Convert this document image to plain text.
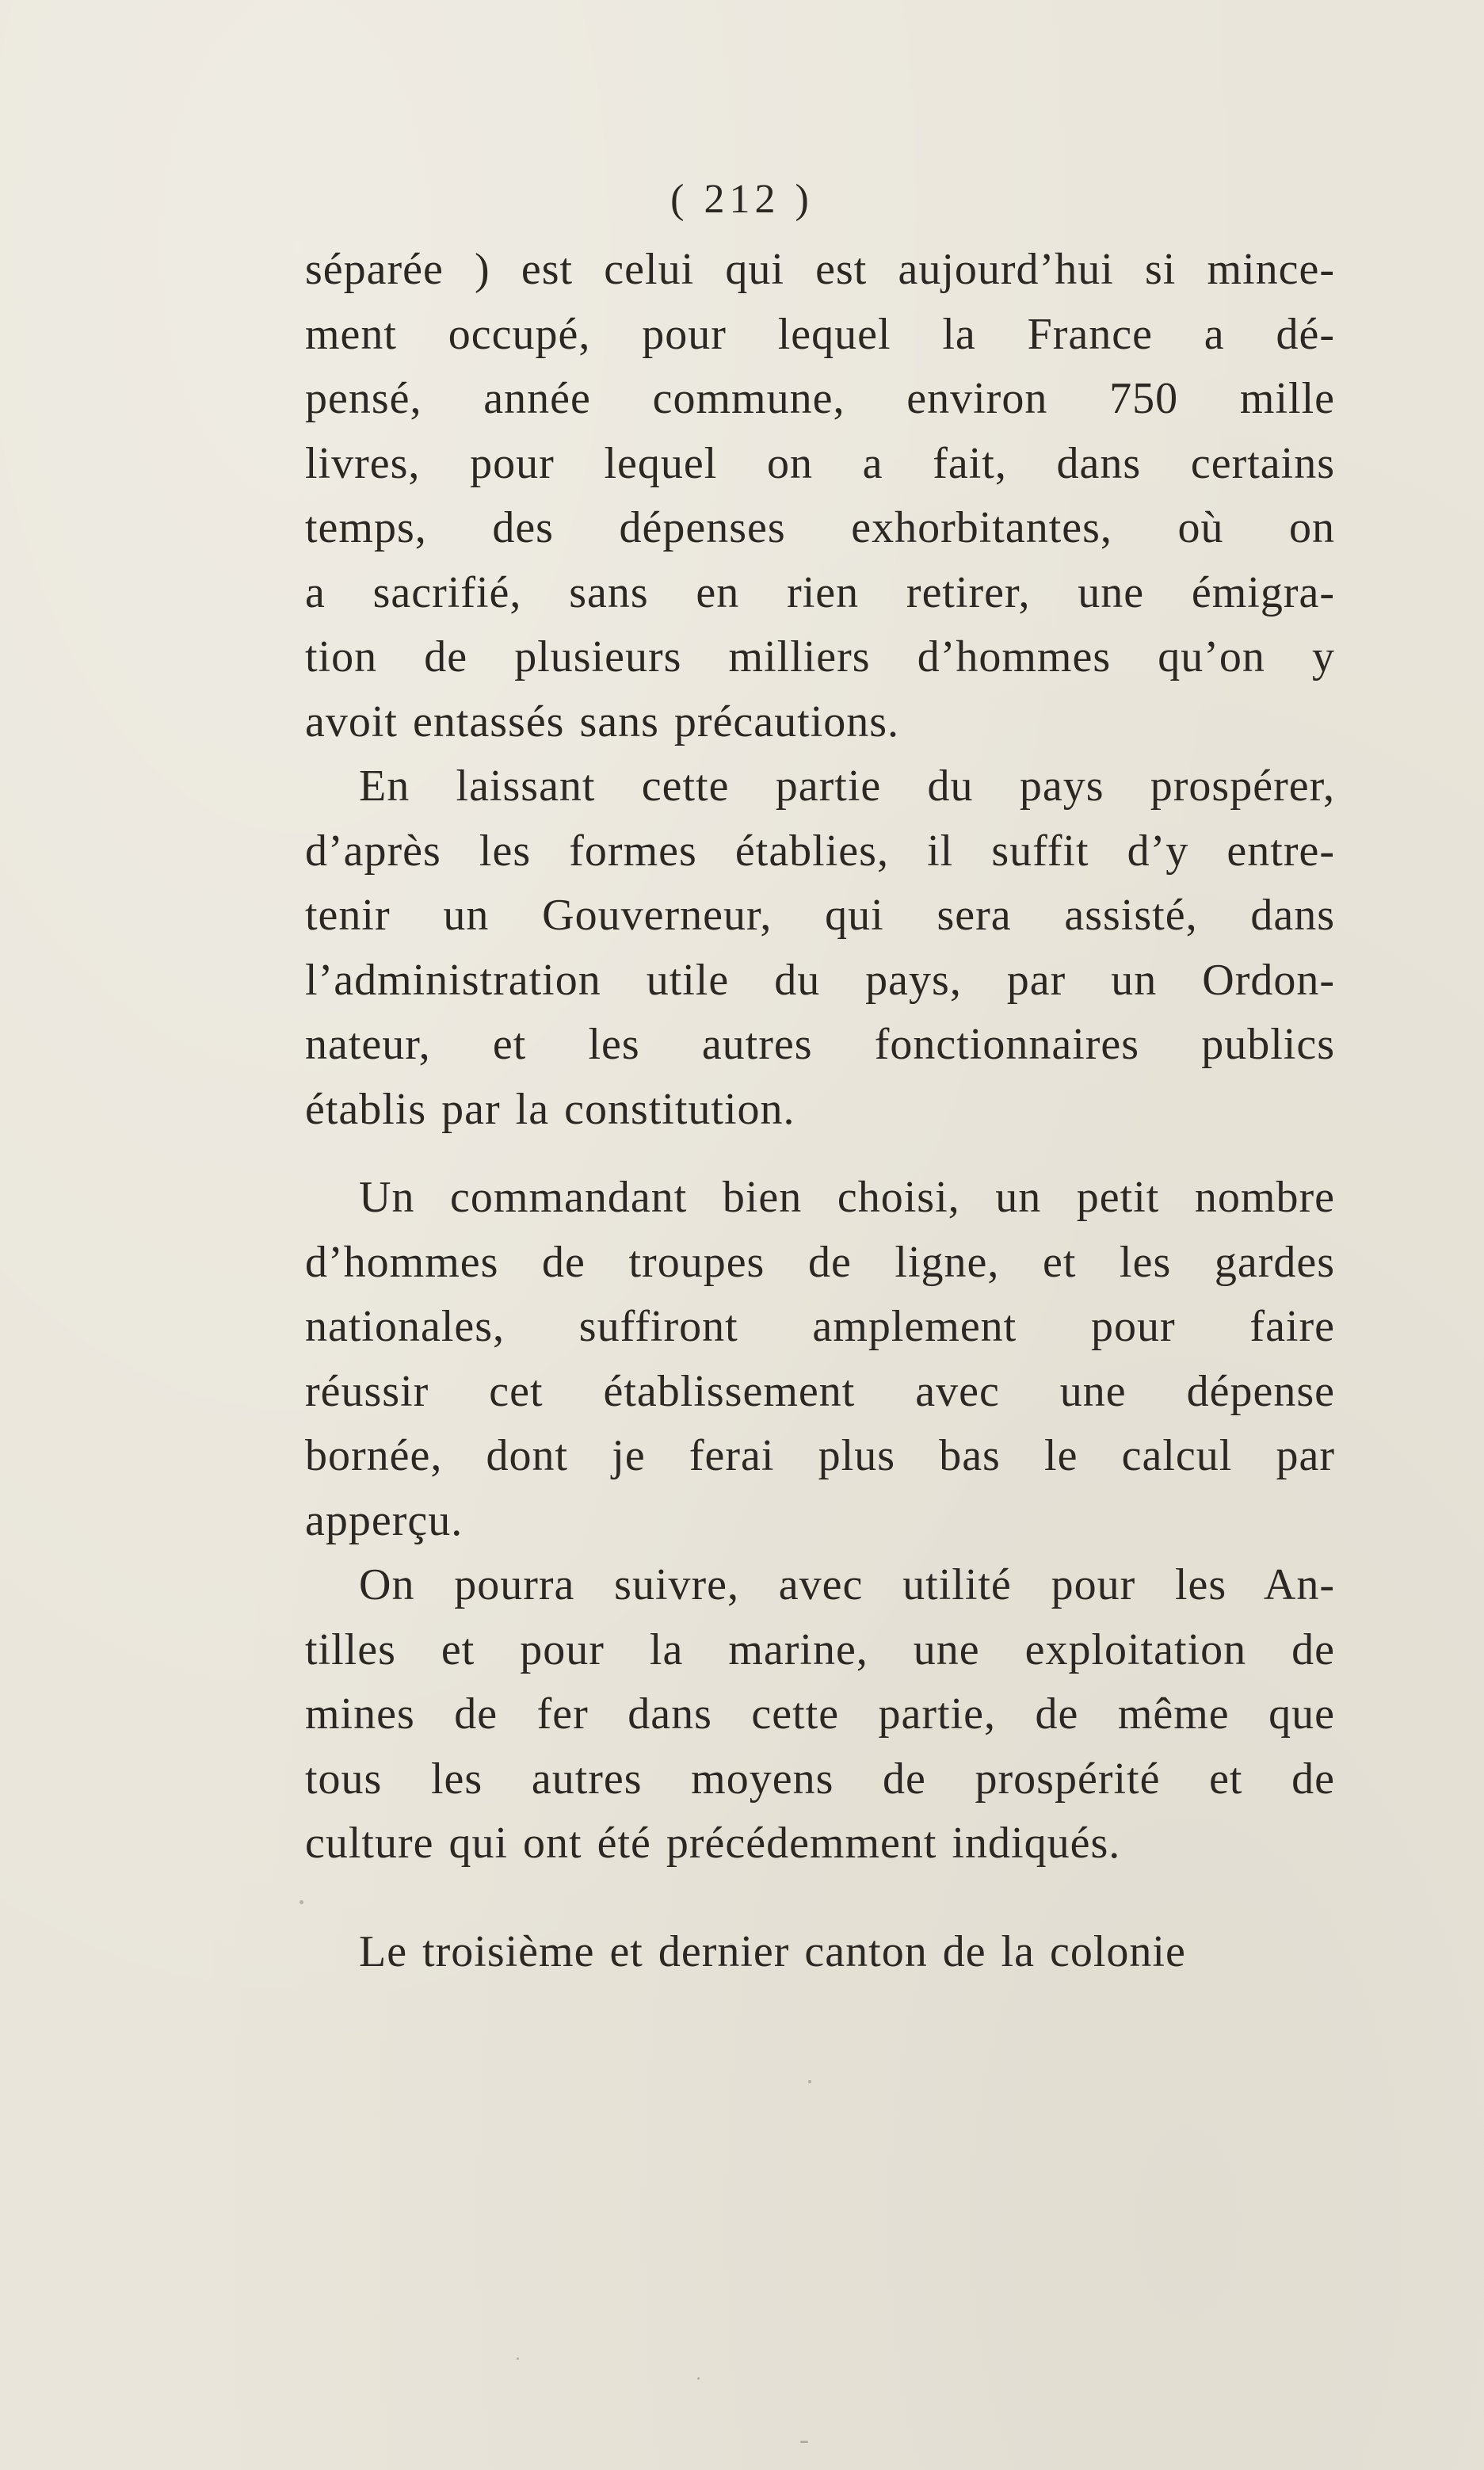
( 212 )
séparée ) est celui qui est aujourd’hui si mince-
ment occupé, pour lequel la France a dé-
pensé, année commune, environ 750 mille
livres, pour lequel on a fait, dans certains
temps, des dépenses exhorbitantes, où on
a sacrifié, sans en rien retirer, une émigra-
tion de plusieurs milliers d’hommes qu’on y
avoit entassés sans précautions.
En laissant cette partie du pays prospérer,
d’après les formes établies, il suffit d’y entre-
tenir un Gouverneur, qui sera assisté, dans
l’administration utile du pays, par un Ordon-
nateur, et les autres fonctionnaires publics
établis par la constitution.
Un commandant bien choisi, un petit nombre
d’hommes de troupes de ligne, et les gardes
nationales, suffiront amplement pour faire
réussir cet établissement avec une dépense
bornée, dont je ferai plus bas le calcul par
apperçu.
On pourra suivre, avec utilité pour les An-
tilles et pour la marine, une exploitation de
mines de fer dans cette partie, de même que
tous les autres moyens de prospérité et de
culture qui ont été précédemment indiqués.
Le troisième et dernier canton de la colonie
